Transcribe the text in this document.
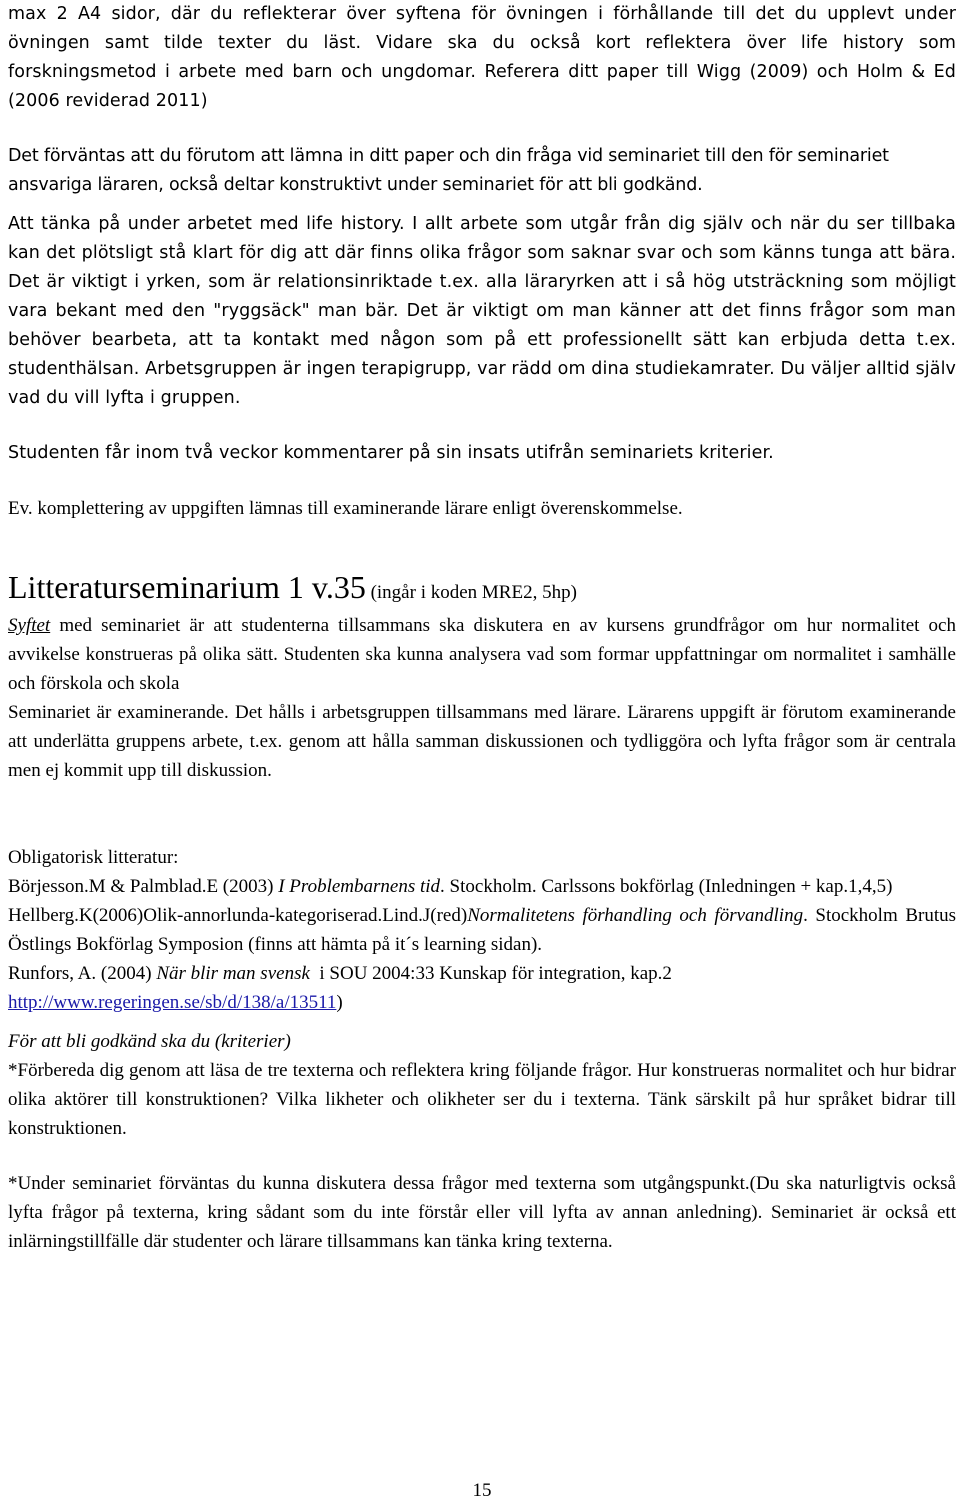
max 2 A4 sidor, där du reflekterar över syftena för övningen i förhållande till det du upplevt under övningen samt tilde texter du läst. Vidare ska du också kort reflektera över life history som forskningsmetod i arbete med barn och ungdomar. Referera ditt paper till Wigg (2009) och Holm & Ed (2006 reviderad 2011)

Det förväntas att du förutom att lämna in ditt paper och din fråga vid seminariet till den för seminariet ansvariga läraren, också deltar konstruktivt under seminariet för att bli godkänd.

Att tänka på under arbetet med life history. I allt arbete som utgår från dig själv och när du ser tillbaka kan det plötsligt stå klart för dig att där finns olika frågor som saknar svar och som känns tunga att bära. Det är viktigt i yrken, som är relationsinriktade t.ex. alla läraryrken att i så hög utsträckning som möjligt vara bekant med den "ryggsäck" man bär. Det är viktigt om man känner att det finns frågor som man behöver bearbeta, att ta kontakt med någon som på ett professionellt sätt kan erbjuda detta t.ex. studenthälsan. Arbetsgruppen är ingen terapigrupp, var rädd om dina studiekamrater. Du väljer alltid själv vad du vill lyfta i gruppen.

Studenten får inom två veckor kommentarer på sin insats utifrån seminariets kriterier.

Ev. komplettering av uppgiften lämnas till examinerande lärare enligt överenskommelse.

Litteraturseminarium 1 v.35 (ingår i koden MRE2, 5hp)

Syftet med seminariet är att studenterna tillsammans ska diskutera en av kursens grundfrågor om hur normalitet och avvikelse konstrueras på olika sätt. Studenten ska kunna analysera vad som formar uppfattningar om normalitet i samhälle och förskola och skola

Seminariet är examinerande. Det hålls i arbetsgruppen tillsammans med lärare. Lärarens uppgift är förutom examinerande att underlätta gruppens arbete, t.ex. genom att hålla samman diskussionen och tydliggöra och lyfta frågor som är centrala men ej kommit upp till diskussion.

Obligatorisk litteratur:

Börjesson.M & Palmblad.E (2003) I Problembarnens tid. Stockholm. Carlssons bokförlag (Inledningen + kap.1,4,5)

Hellberg.K(2006)Olik-annorlunda-kategoriserad.Lind.J(red)Normalitetens förhandling och förvandling. Stockholm Brutus Östlings Bokförlag Symposion (finns att hämta på it´s learning sidan).

Runfors, A. (2004) När blir man svensk  i SOU 2004:33 Kunskap för integration, kap.2
http://www.regeringen.se/sb/d/138/a/13511)

För att bli godkänd ska du (kriterier)

*Förbereda dig genom att läsa de tre texterna och reflektera kring följande frågor. Hur konstrueras normalitet och hur bidrar olika aktörer till konstruktionen? Vilka likheter och olikheter ser du i texterna. Tänk särskilt på hur språket bidrar till konstruktionen.

*Under seminariet förväntas du kunna diskutera dessa frågor med texterna som utgångspunkt.(Du ska naturligtvis också lyfta frågor på texterna, kring sådant som du inte förstår eller vill lyfta av annan anledning). Seminariet är också ett inlärningstillfälle där studenter och lärare tillsammans kan tänka kring texterna.

15
